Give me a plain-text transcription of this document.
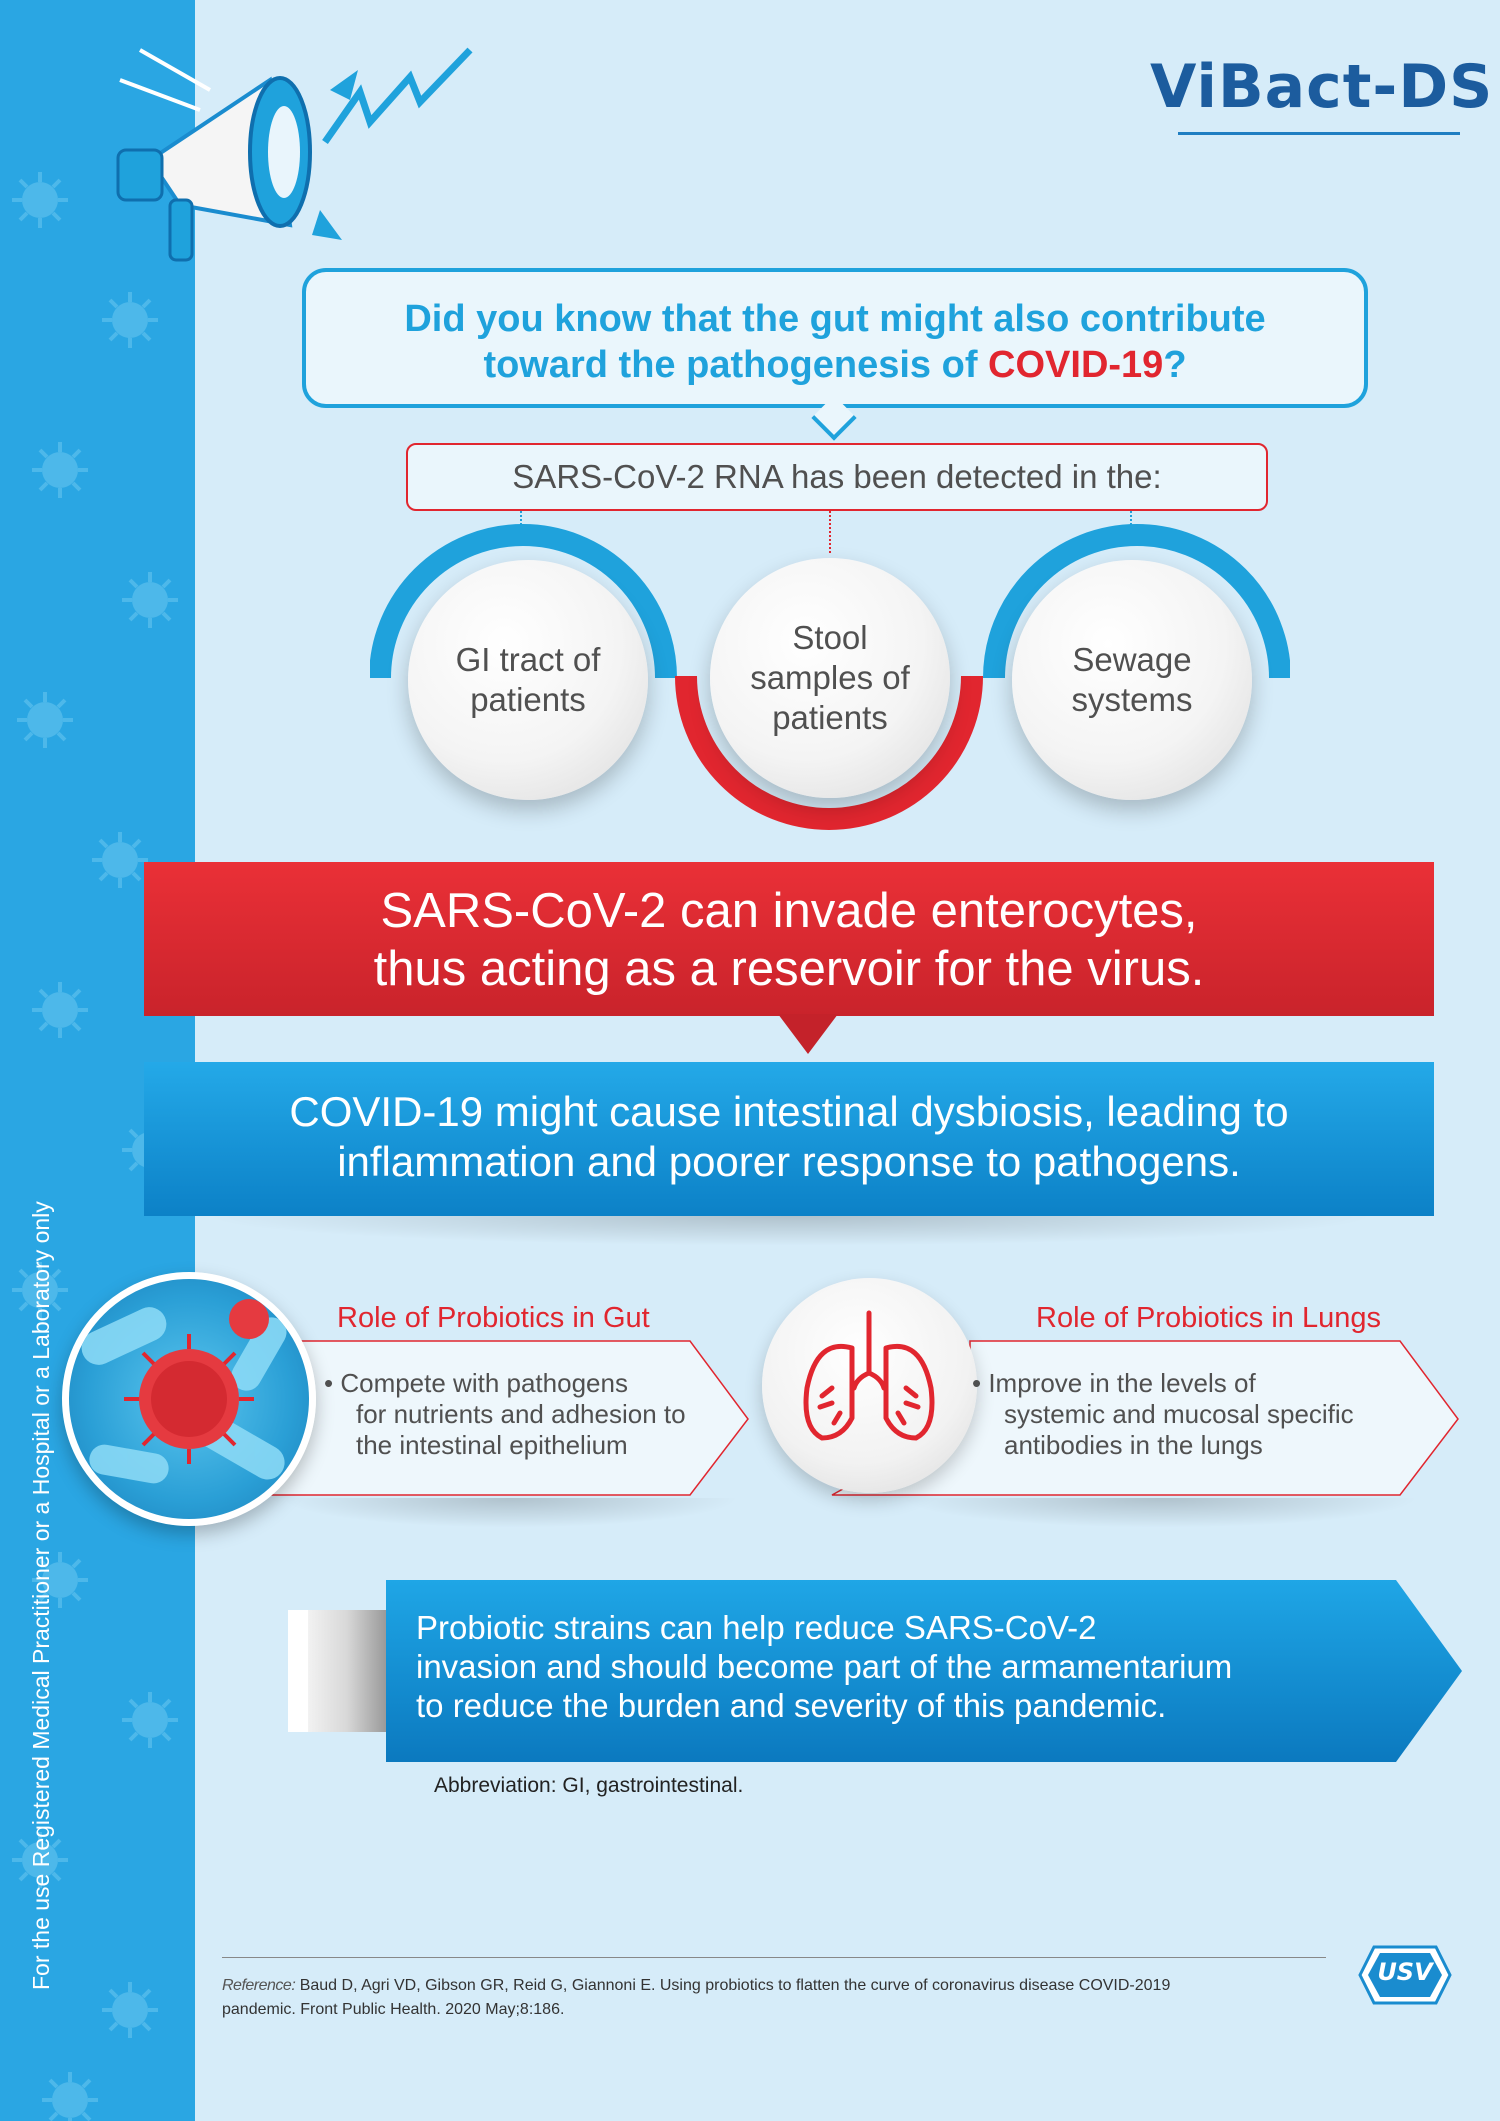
For the use Registered Medical Practitioner or a Hospital or a Laboratory only
ViBact-DS
Did you know that the gut might also contribute
toward the pathogenesis of COVID-19?
SARS-CoV-2 RNA has been detected in the:
GI tract of patients
Stool samples of patients
Sewage systems
SARS-CoV-2 can invade enterocytes,
thus acting as a reservoir for the virus.
COVID-19 might cause intestinal dysbiosis, leading to
inflammation and poorer response to pathogens.
Role of Probiotics in Gut
• Compete with pathogens
for nutrients and adhesion to
the intestinal epithelium
Role of Probiotics in Lungs
• Improve in the levels of
systemic and mucosal specific
antibodies in the lungs
Probiotic strains can help reduce SARS-CoV-2
invasion and should become part of the armamentarium
to reduce the burden and severity of this pandemic.
Abbreviation: GI, gastrointestinal.
Reference: Baud D, Agri VD, Gibson GR, Reid G, Giannoni E. Using probiotics to flatten the curve of coronavirus disease COVID-2019 pandemic. Front Public Health. 2020 May;8:186.
USV
